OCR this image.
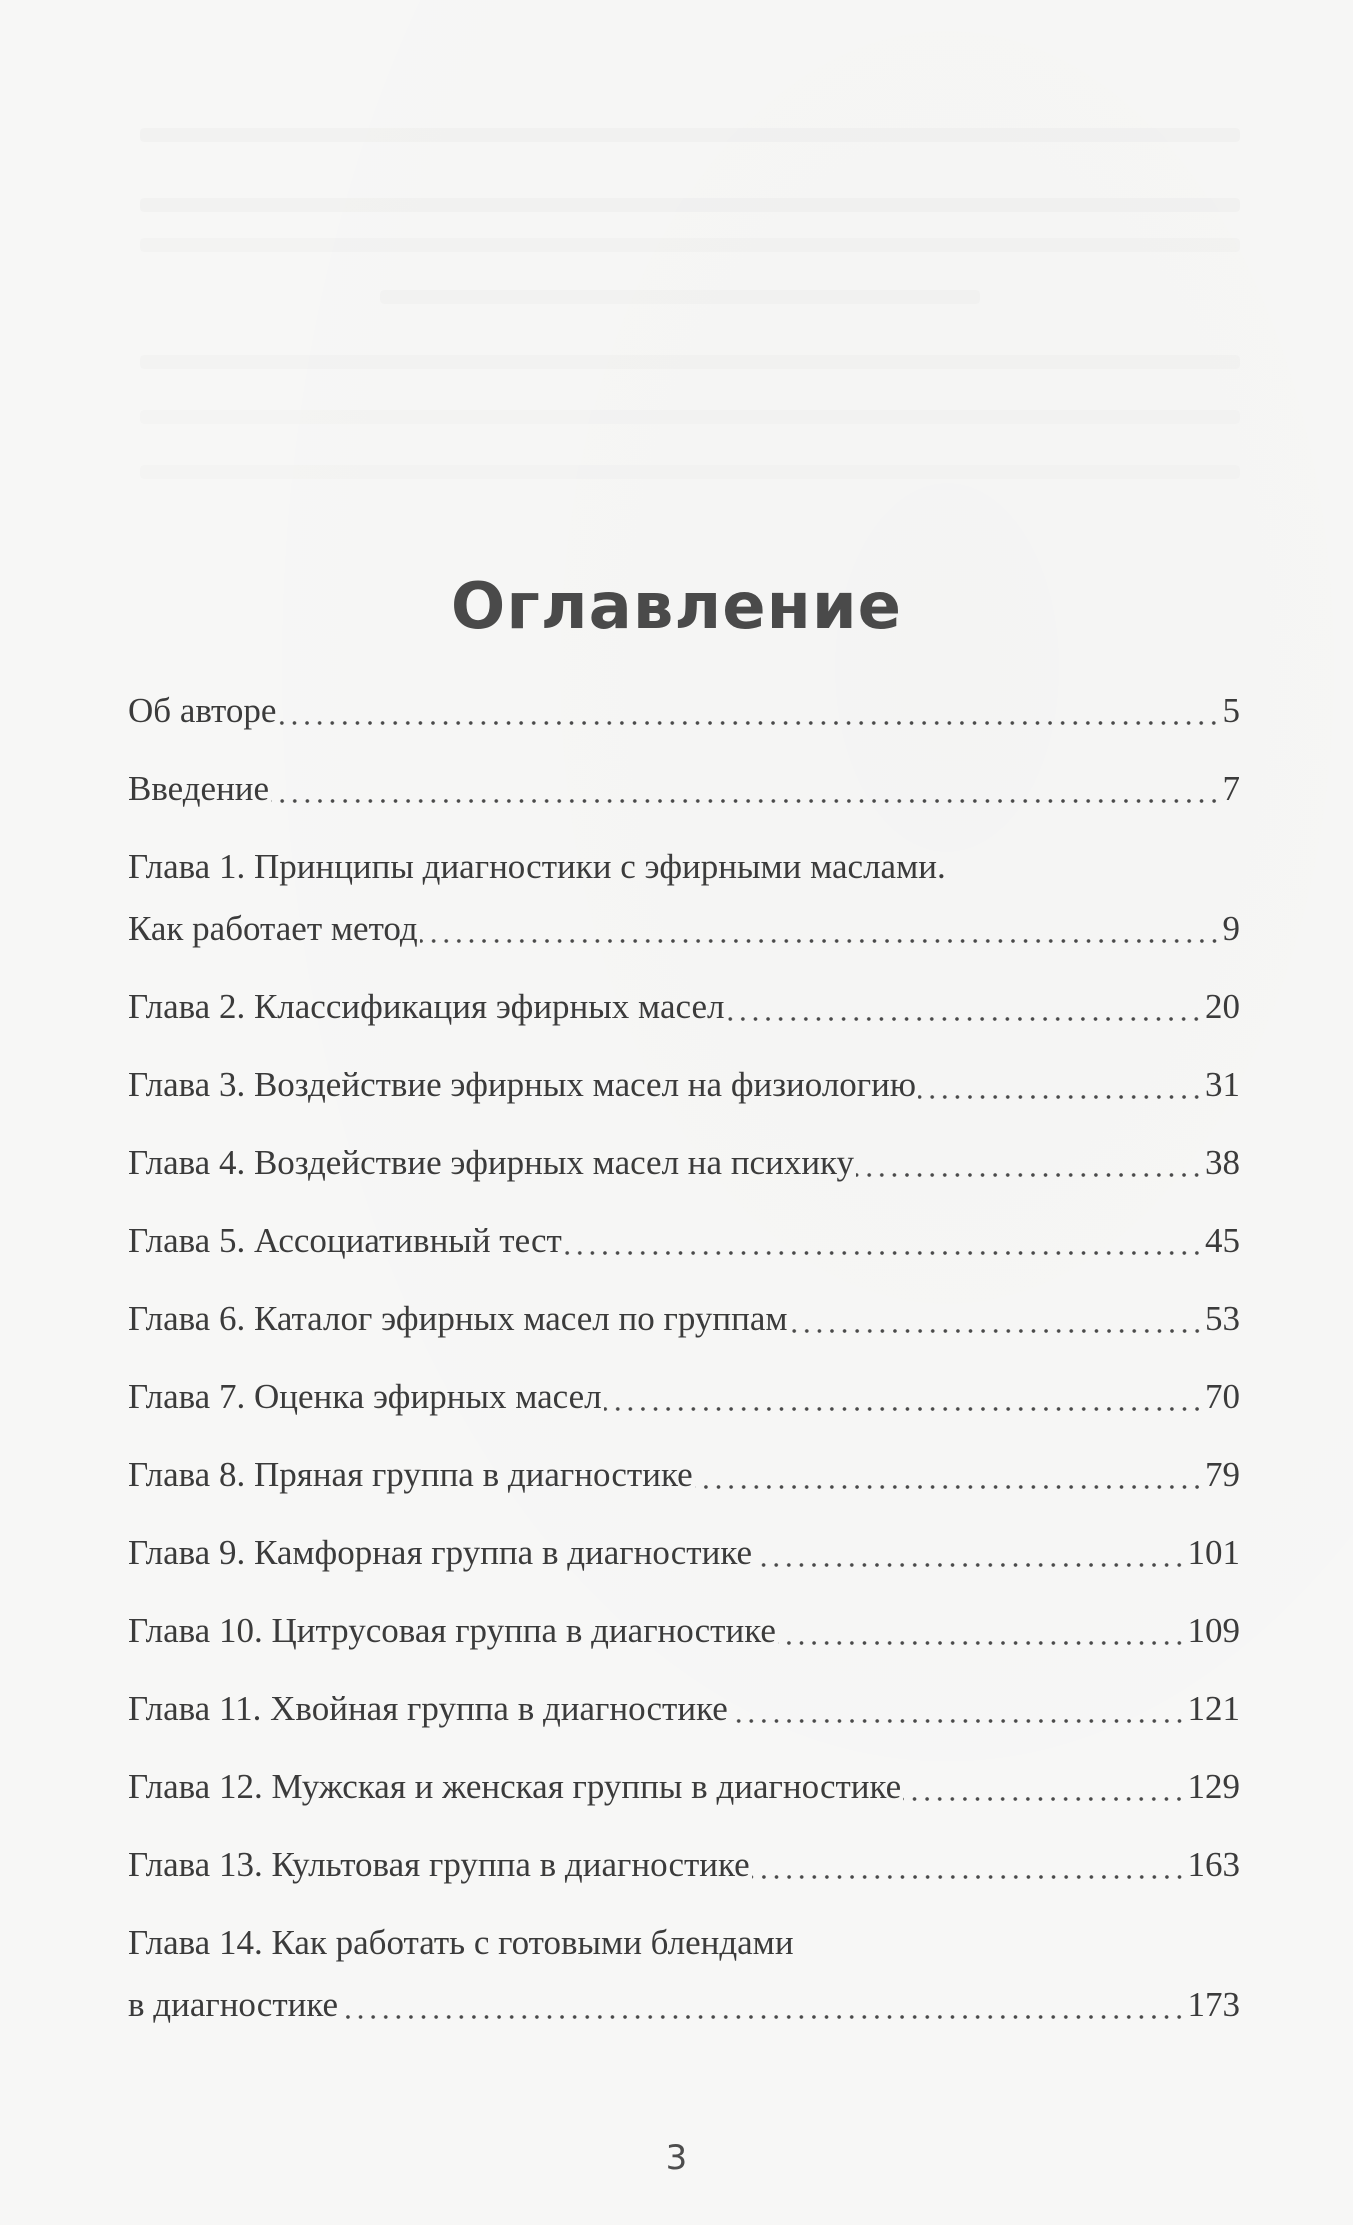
Оглавление
Об авторе	5
Введение	7
Глава 1. Принципы диагностики с эфирными маслами.
Как работает метод	9
Глава 2. Классификация эфирных масел	20
Глава 3. Воздействие эфирных масел на физиологию	31
Глава 4. Воздействие эфирных масел на психику	38
Глава 5. Ассоциативный тест	45
Глава 6. Каталог эфирных масел по группам	53
Глава 7. Оценка эфирных масел	70
Глава 8. Пряная группа в диагностике	79
Глава 9. Камфорная группа в диагностике	101
Глава 10. Цитрусовая группа в диагностике	109
Глава 11. Хвойная группа в диагностике	121
Глава 12. Мужская и женская группы в диагностике	129
Глава 13. Культовая группа в диагностике	163
Глава 14. Как работать с готовыми блендами
в диагностике	173
3
